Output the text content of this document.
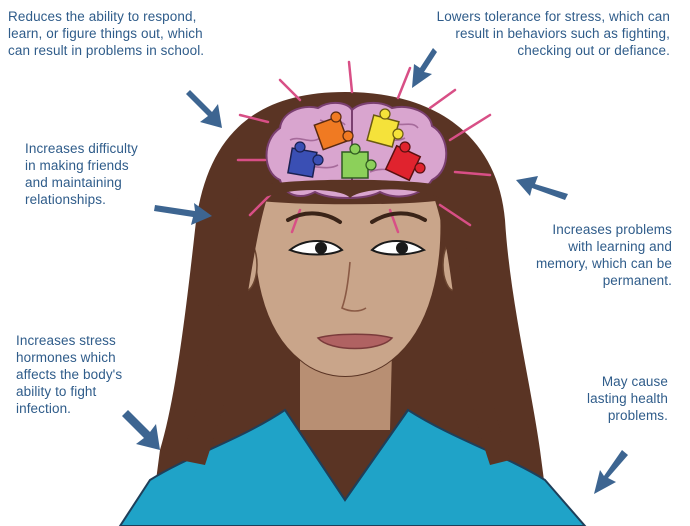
Reduces the ability to respond,
learn, or figure things out, which
can result in problems in school.
Lowers tolerance for stress, which can
result in behaviors such as fighting,
checking out or defiance.
Increases difficulty
in making friends
and maintaining
relationships.
Increases problems
with learning and
memory, which can be
permanent.
Increases stress
hormones which
affects the body's
ability to fight
infection.
May cause
lasting health
problems.
